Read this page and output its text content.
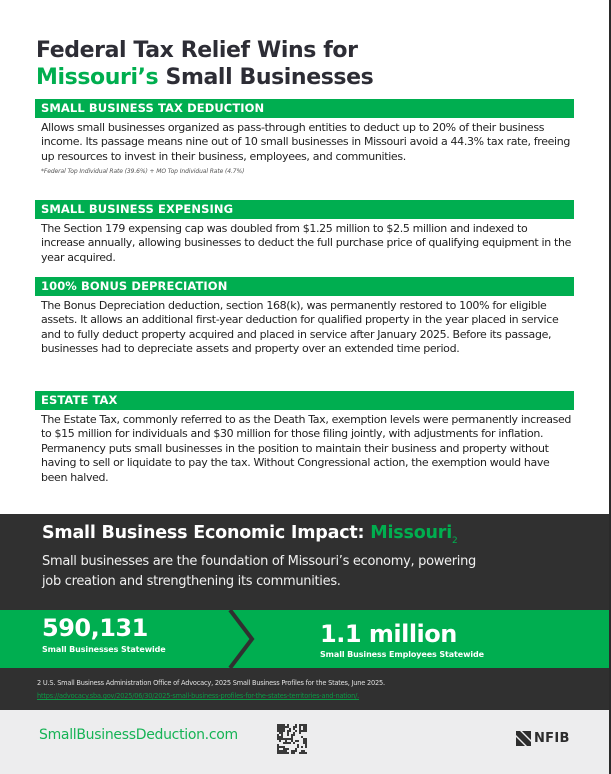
Federal Tax Relief Wins for
Missouri’s Small Businesses
SMALL BUSINESS TAX DEDUCTION

Allows small businesses organized as pass-through entities to deduct up to 20% of their business income. Its passage means nine out of 10 small businesses in Missouri avoid a 44.3% tax rate, freeing up resources to invest in their business, employees, and communities.

*Federal Top Individual Rate (39.6%) + MO Top Individual Rate (4.7%)

SMALL BUSINESS EXPENSING

The Section 179 expensing cap was doubled from $1.25 million to $2.5 million and indexed to increase annually, allowing businesses to deduct the full purchase price of qualifying equipment in the year acquired.

100% BONUS DEPRECIATION

The Bonus Depreciation deduction, section 168(k), was permanently restored to 100% for eligible assets. It allows an additional first-year deduction for qualified property in the year placed in service and to fully deduct property acquired and placed in service after January 2025. Before its passage, businesses had to depreciate assets and property over an extended time period.

ESTATE TAX

The Estate Tax, commonly referred to as the Death Tax, exemption levels were permanently increased to $15 million for individuals and $30 million for those filing jointly, with adjustments for inflation. Permanency puts small businesses in the position to maintain their business and property without having to sell or liquidate to pay the tax. Without Congressional action, the exemption would have been halved.

Small Business Economic Impact: Missouri$_2$

Small businesses are the foundation of Missouri’s economy, powering job creation and strengthening its communities.

590,131
Small Businesses Statewide
1.1 million
Small Business Employees Statewide

2 U.S. Small Business Administration Office of Advocacy, 2025 Small Business Profiles for the States, June 2025.

https://advocacy.sba.gov/2025/06/30/2025-small-business-profiles-for-the-states-territories-and-nation/.
SmallBusinessDeduction.com	NFIB
